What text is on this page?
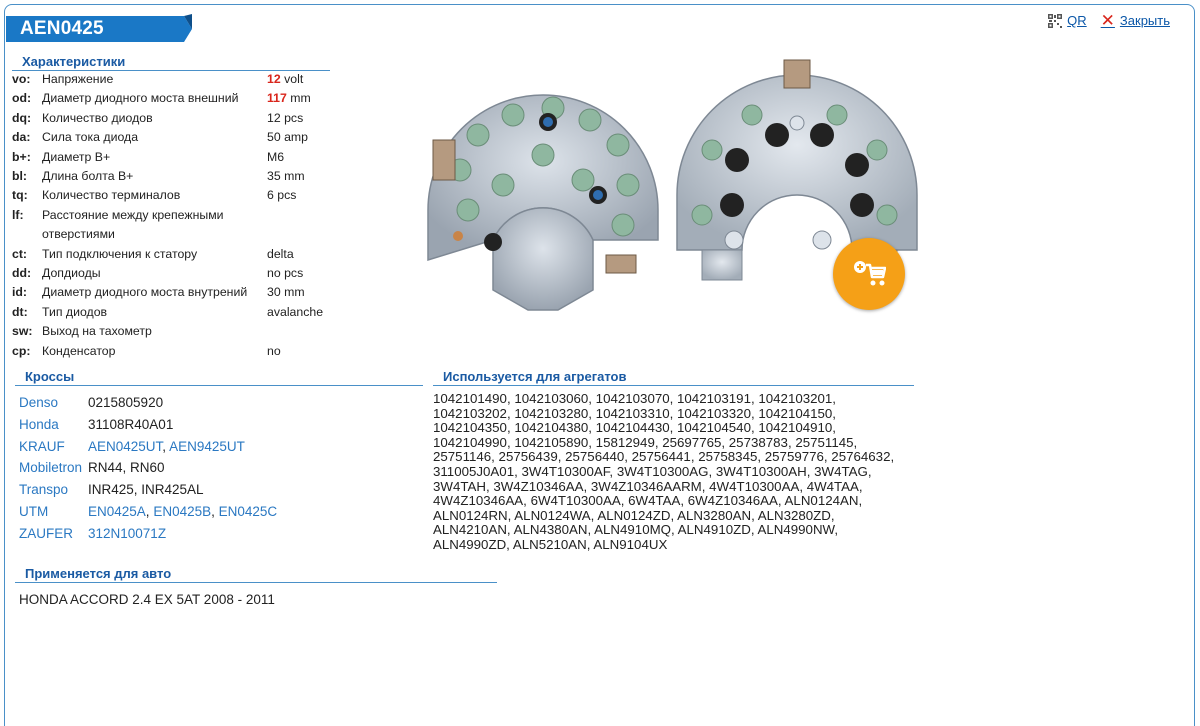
AEN0425	QR ✕ Закрыть
Характеристики
vo: Напряжение	12 volt
od: Диаметр диодного моста внешний	117 mm
dq: Количество диодов	12 pcs
da: Сила тока диода	50 amp
b+: Диаметр B+	M6
bl:	Длина болта B+	35 mm
tq:	Количество терминалов	6 pcs
lf:	Расстояние между крепежными отверстиями
ct:	Тип подключения к статору	delta
dd: Допдиоды	no pcs
id:	Диаметр диодного моста внутрений	30 mm
dt:	Тип диодов	avalanche
sw: Выход на тахометр
cp: Конденсатор	no
Кроссы
Denso	0215805920
Honda	31108R40A01
KRAUF	AEN0425UT, AEN9425UT
Mobiletron RN44, RN60
Transpo	INR425, INR425AL
UTM	EN0425A, EN0425B, EN0425C
ZAUFER	312N10071Z
Используется для агрегатов
1042101490, 1042103060, 1042103070, 1042103191, 1042103201, 1042103202, 1042103280, 1042103310, 1042103320, 1042104150, 1042104350, 1042104380, 1042104430, 1042104540, 1042104910, 1042104990, 1042105890, 15812949, 25697765, 25738783, 25751145, 25751146, 25756439, 25756440, 25756441, 25758345, 25759776, 25764632, 311005J0A01, 3W4T10300AF, 3W4T10300AG, 3W4T10300AH, 3W4TAG, 3W4TAH, 3W4Z10346AA, 3W4Z10346AARM, 4W4T10300AA, 4W4TAA, 4W4Z10346AA, 6W4T10300AA, 6W4TAA, 6W4Z10346AA, ALN0124AN, ALN0124RN, ALN0124WA, ALN0124ZD, ALN3280AN, ALN3280ZD, ALN4210AN, ALN4380AN, ALN4910MQ, ALN4910ZD, ALN4990NW, ALN4990ZD, ALN5210AN, ALN9104UX
Применяется для авто
HONDA ACCORD 2.4 EX 5AT 2008 - 2011
